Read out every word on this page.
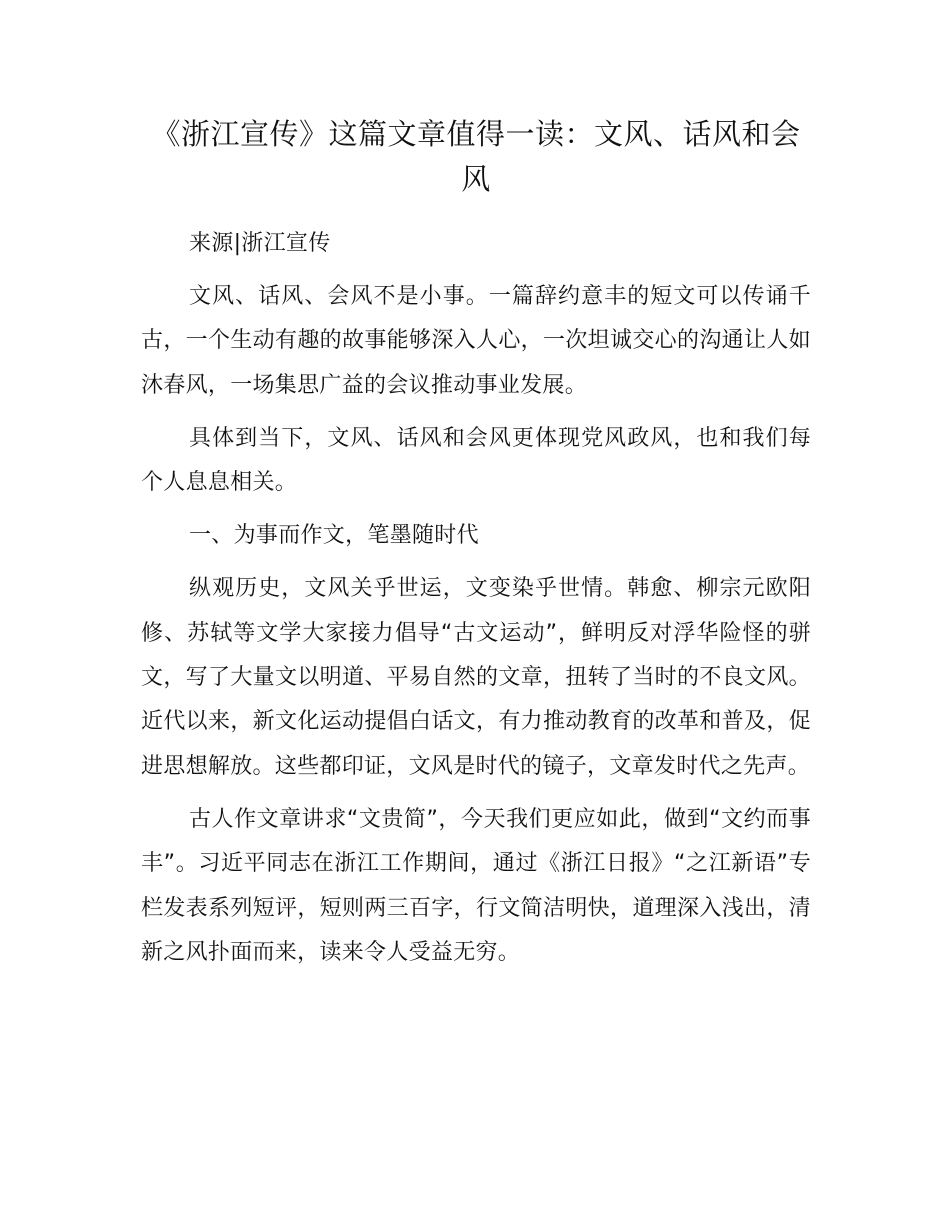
《浙江宣传》这篇文章值得一读：文风、话风和会风

来源|浙江宣传

文风、话风、会风不是小事。一篇辞约意丰的短文可以传诵千古，一个生动有趣的故事能够深入人心，一次坦诚交心的沟通让人如沐春风，一场集思广益的会议推动事业发展。

具体到当下，文风、话风和会风更体现党风政风，也和我们每个人息息相关。

一、为事而作文，笔墨随时代

纵观历史，文风关乎世运，文变染乎世情。韩愈、柳宗元欧阳修、苏轼等文学大家接力倡导“古文运动”，鲜明反对浮华险怪的骈文，写了大量文以明道、平易自然的文章，扭转了当时的不良文风。近代以来，新文化运动提倡白话文，有力推动教育的改革和普及，促进思想解放。这些都印证，文风是时代的镜子，文章发时代之先声。

古人作文章讲求“文贵简”，今天我们更应如此，做到“文约而事丰”。习近平同志在浙江工作期间，通过《浙江日报》“之江新语”专栏发表系列短评，短则两三百字，行文简洁明快，道理深入浅出，清新之风扑面而来，读来令人受益无穷。
